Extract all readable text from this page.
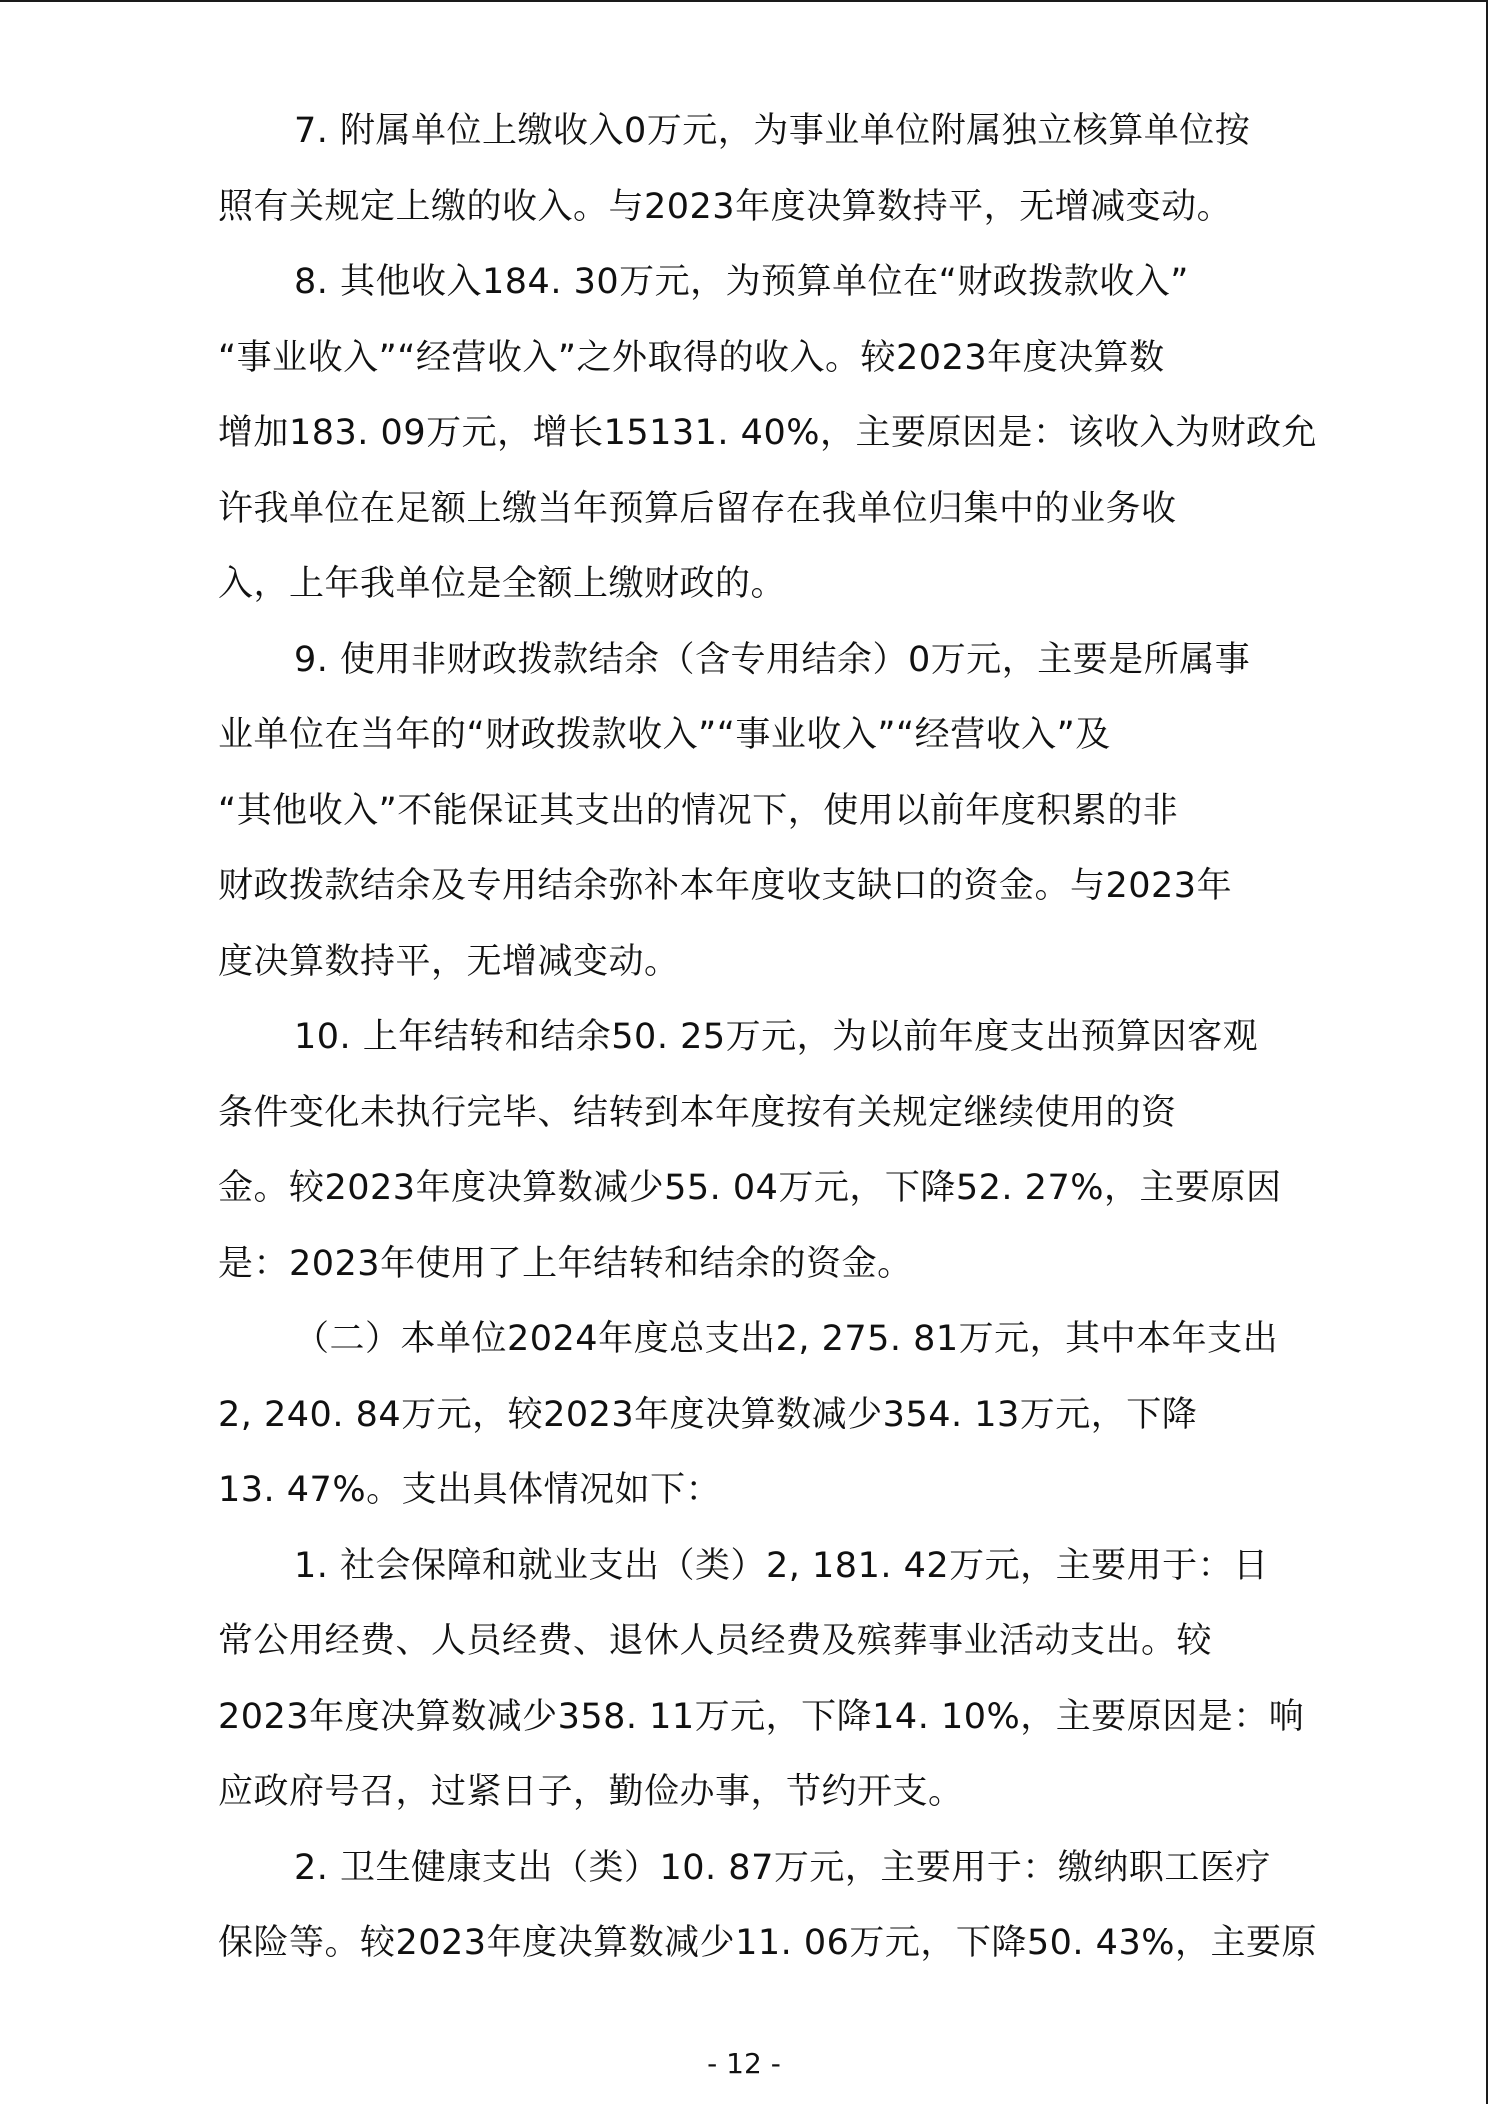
7. 附属单位上缴收入0万元，为事业单位附属独立核算单位按
照有关规定上缴的收入。与2023年度决算数持平，无增减变动。

8. 其他收入184. 30万元，为预算单位在“财政拨款收入”
“事业收入”“经营收入”之外取得的收入。较2023年度决算数
增加183. 09万元，增长15131. 40%，主要原因是：该收入为财政允
许我单位在足额上缴当年预算后留存在我单位归集中的业务收
入，上年我单位是全额上缴财政的。

9. 使用非财政拨款结余（含专用结余）0万元，主要是所属事
业单位在当年的“财政拨款收入”“事业收入”“经营收入”及
“其他收入”不能保证其支出的情况下，使用以前年度积累的非
财政拨款结余及专用结余弥补本年度收支缺口的资金。与2023年
度决算数持平，无增减变动。

10. 上年结转和结余50. 25万元，为以前年度支出预算因客观
条件变化未执行完毕、结转到本年度按有关规定继续使用的资
金。较2023年度决算数减少55. 04万元，下降52. 27%，主要原因
是：2023年使用了上年结转和结余的资金。

（二）本单位2024年度总支出2, 275. 81万元，其中本年支出
2, 240. 84万元，较2023年度决算数减少354. 13万元，下降
13. 47%。支出具体情况如下：

1. 社会保障和就业支出（类）2, 181. 42万元，主要用于：日
常公用经费、人员经费、退休人员经费及殡葬事业活动支出。较
2023年度决算数减少358. 11万元，下降14. 10%，主要原因是：响
应政府号召，过紧日子，勤俭办事，节约开支。

2. 卫生健康支出（类）10. 87万元，主要用于：缴纳职工医疗
保险等。较2023年度决算数减少11. 06万元，下降50. 43%，主要原

- 12 -
